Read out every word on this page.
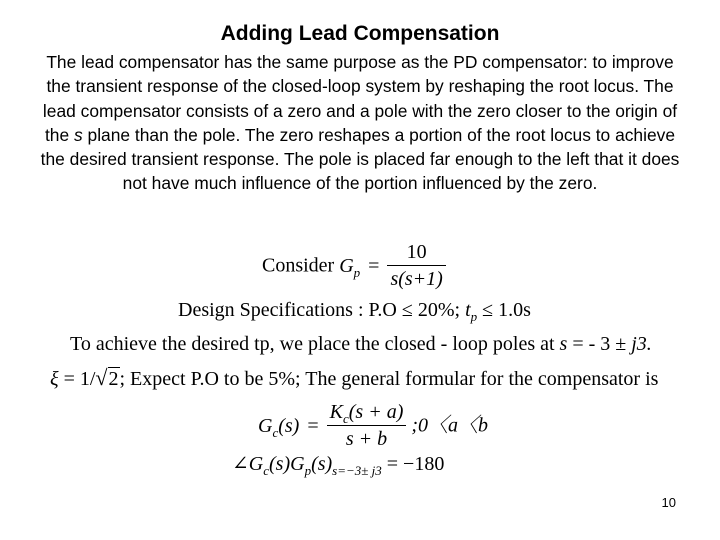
Adding Lead Compensation
The lead compensator has the same purpose as the PD compensator: to improve the transient response of the closed-loop system by reshaping the root locus. The lead compensator consists of a zero and a pole with the zero closer to the origin of the s plane than the pole. The zero reshapes a portion of the root locus to achieve the desired transient response. The pole is placed far enough to the left that it does not have much influence of the portion influenced by the zero.
Consider $G_p = \frac{10}{s(s+1)}$
Design Specifications : P.O ≤ 20%; $t_p \le 1.0s$
To achieve the desired tp, we place the closed - loop poles at s = - 3 ± j3.
ξ = 1/√2; Expect P.O to be 5%; The general formular for the compensator is
$G_c(s) = \frac{K_c(s + a)}{s + b}$ ;0〈a〈b
$\angle G_c(s)G_p(s)_{s=-3\pm j3} = -180$
10
